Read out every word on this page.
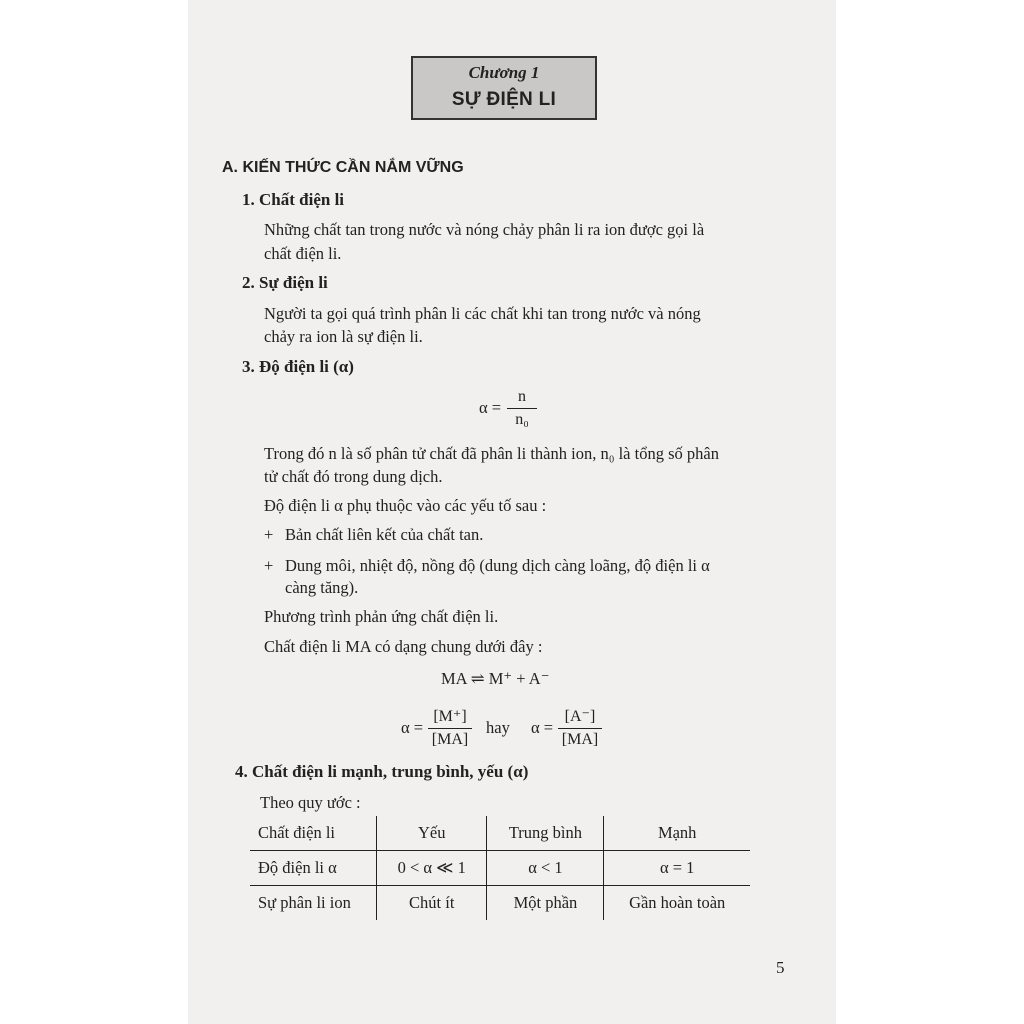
Chương 1
SỰ ĐIỆN LI
A. KIẾN THỨC CẦN NẮM VỮNG
1. Chất điện li
Những chất tan trong nước và nóng chảy phân li ra ion được gọi là
chất điện li.
2. Sự điện li
Người ta gọi quá trình phân li các chất khi tan trong nước và nóng
chảy ra ion là sự điện li.
3. Độ điện li (α)
α =
n
n₀
Trong đó n là số phân tử chất đã phân li thành ion, n₀ là tổng số phân
tử chất đó trong dung dịch.
Độ điện li α phụ thuộc vào các yếu tố sau :
+ Bản chất liên kết của chất tan.
+ Dung môi, nhiệt độ, nồng độ (dung dịch càng loãng, độ điện li α
càng tăng).
Phương trình phản ứng chất điện li.
Chất điện li MA có dạng chung dưới đây :
MA ⇌ M⁺ + A⁻
α =
[M⁺]
[MA]
hay α =
[A⁻]
[MA]
4. Chất điện li mạnh, trung bình, yếu (α)
Theo quy ước :
Chất điện li	Yếu	Trung bình	Mạnh
Độ điện li α	0 < α ≪ 1	α < 1	α = 1
Sự phân li ion	Chút ít	Một phần	Gần hoàn toàn
5
